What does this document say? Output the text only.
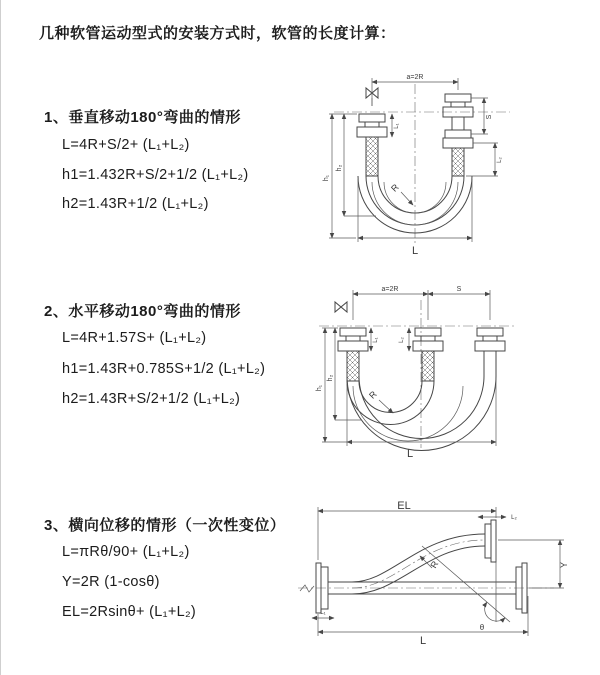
几种软管运动型式的安装方式时，软管的长度计算：
1、垂直移动180°弯曲的情形
L=4R+S/2+ (L₁+L₂)
h1=1.432R+S/2+1/2 (L₁+L₂)
h2=1.43R+1/2 (L₁+L₂)
a=2R
R
h₁
h₂
S
L₂
L₁
L
2、水平移动180°弯曲的情形
L=4R+1.57S+ (L₁+L₂)
h1=1.43R+0.785S+1/2 (L₁+L₂)
h2=1.43R+S/2+1/2 (L₁+L₂)
a=2R	S
R
h₁
h₂
L₁	L₂
L
3、横向位移的情形（一次性变位）
L=πRθ/90+ (L₁+L₂)
Y=2R (1-cosθ)
EL=2Rsinθ+ (L₁+L₂)
EL
L₂
Y
R
θ
L₁
L
